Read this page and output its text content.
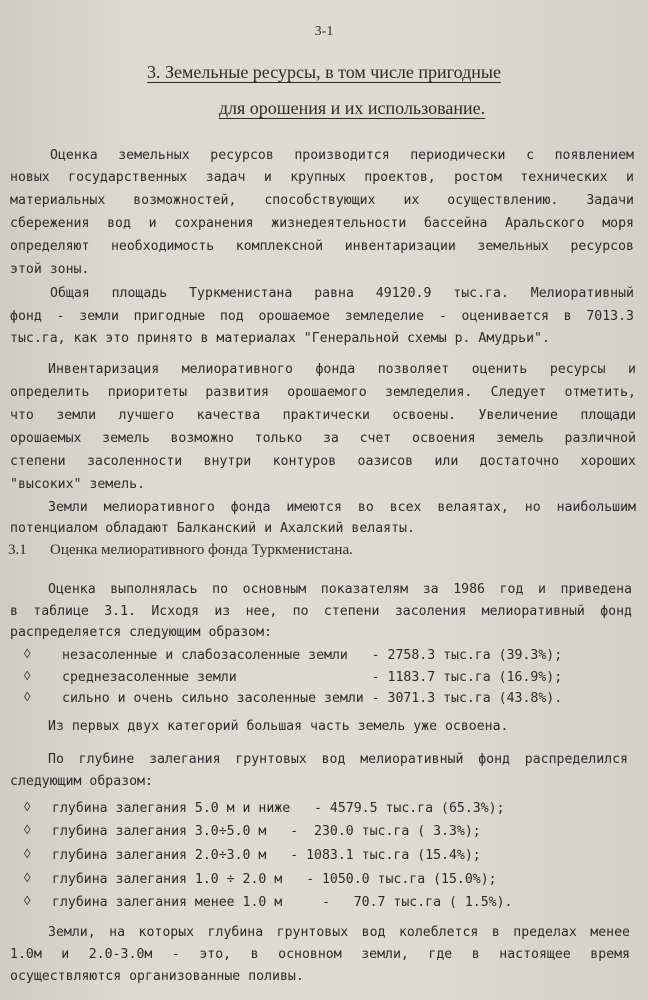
3-1
3. Земельные ресурсы, в том числе пригодные
для орошения и их использование.
Оценка земельных ресурсов производится периодически с появлением
новых государственных задач и крупных проектов, ростом технических и
материальных возможностей, способствующих их осуществлению. Задачи
сбережения вод и сохранения жизнедеятельности бассейна Аральского моря
определяют необходимость комплексной инвентаризации земельных ресурсов
этой зоны.
Общая площадь Туркменистана равна 49120.9 тыс.га. Мелиоративный
фонд - земли пригодные под орошаемое земледелие - оценивается в 7013.3
тыс.га, как это принято в материалах "Генеральной схемы р. Амудрьи".
Инвентаризация мелиоративного фонда позволяет оценить ресурсы и
определить приоритеты развития орошаемого земледелия. Следует отметить,
что земли лучшего качества практически освоены. Увеличение площади
орошаемых земель возможно только за счет освоения земель различной
степени засоленности внутри контуров оазисов или достаточно хороших
"высоких" земель.
Земли мелиоративного фонда имеются во всех велаятах, но наибольшим
потенциалом обладают Балканский и Ахалский велаяты.
3.1 Оценка мелиоративного фонда Туркменистана.
Оценка выполнялась по основным показателям за 1986 год и приведена
в таблице 3.1. Исходя из нее, по степени засоления мелиоративный фонд
распределяется следующим образом:
◊ незасоленные и слабозасоленные земли   - 2758.3 тыс.га (39.3%);
◊ среднезасоленные земли                 - 1183.7 тыс.га (16.9%);
◊ сильно и очень сильно засоленные земли - 3071.3 тыс.га (43.8%).
Из первых двух категорий большая часть земель уже освоена.
По глубине залегания грунтовых вод мелиоративный фонд распределился
следующим образом:
◊ глубина залегания 5.0 м и ниже   - 4579.5 тыс.га (65.3%);
◊ глубина залегания 3.0÷5.0 м   -  230.0 тыс.га ( 3.3%);
◊ глубина залегания 2.0÷3.0 м   - 1083.1 тыс.га (15.4%);
◊ глубина залегания 1.0 ÷ 2.0 м   - 1050.0 тыс.га (15.0%);
◊ глубина залегания менее 1.0 м     -   70.7 тыс.га ( 1.5%).
Земли, на которых глубина грунтовых вод колеблется в пределах менее
1.0м и 2.0-3.0м - это, в основном земли, где в настоящее время
осуществляются организованные поливы.
